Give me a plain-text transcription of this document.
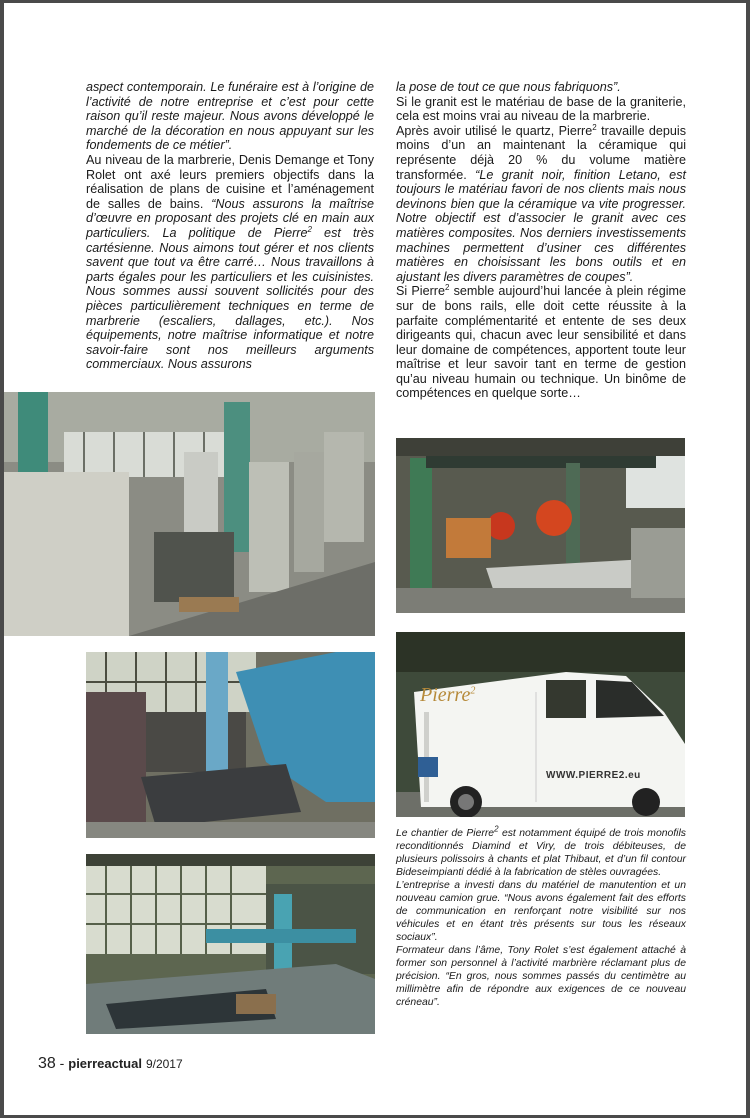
aspect contemporain. Le funéraire est à l’origine de l’activité de notre entreprise et c’est pour cette raison qu’il reste majeur. Nous avons développé le marché de la décoration en nous appuyant sur les fondements de ce métier”.

Au niveau de la marbrerie, Denis Demange et Tony Rolet ont axé leurs premiers objectifs dans la réalisation de plans de cuisine et l’aménagement de salles de bains. “Nous assurons la maîtrise d’œuvre en proposant des projets clé en main aux particuliers. La politique de Pierre$^2$ est très cartésienne. Nous aimons tout gérer et nos clients savent que tout va être carré… Nous travaillons à parts égales pour les particuliers et les cuisinistes. Nous sommes aussi souvent sollicités pour des pièces particulièrement techniques en terme de marbrerie (escaliers, dallages, etc.). Nos équipements, notre maîtrise informatique et notre savoir-faire sont nos meilleurs arguments commerciaux. Nous assurons

la pose de tout ce que nous fabriquons”.

Si le granit est le matériau de base de la graniterie, cela est moins vrai au niveau de la marbrerie.

Après avoir utilisé le quartz, Pierre$^2$ travaille depuis moins d’un an maintenant la céramique qui représente déjà 20 % du volume matière transformée. “Le granit noir, finition Letano, est toujours le matériau favori de nos clients mais nous devinons bien que la céramique va vite progresser. Notre objectif est d’associer le granit avec ces matières composites. Nos derniers investissements machines permettent d’usiner ces différentes matières en choisissant les bons outils et en ajustant les divers paramètres de coupes”.

Si Pierre$^2$ semble aujourd’hui lancée à plein régime sur de bons rails, elle doit cette réussite à la parfaite complémentarité et entente de ses deux dirigeants qui, chacun avec leur sensibilité et dans leur domaine de compétences, apportent toute leur maîtrise et leur savoir tant en terme de gestion qu’au niveau humain ou technique. Un binôme de compétences en quelque sorte…

Pierre$^2$
WWW.PIERRE2.eu

Le chantier de Pierre$^2$ est notamment équipé de trois monofils reconditionnés Diamind et Viry, de trois débiteuses, de plusieurs polissoirs à chants et plat Thibaut, et d’un fil contour Bideseimpianti dédié à la fabrication de stèles ouvragées.

L’entreprise a investi dans du matériel de manutention et un nouveau camion grue. “Nous avons également fait des efforts de communication en renforçant notre visibilité sur nos véhicules et en étant très présents sur tous les réseaux sociaux”.

Formateur dans l’âme, Tony Rolet s’est également attaché à former son personnel à l’activité marbrière réclamant plus de précision. “En gros, nous sommes passés du centimètre au millimètre afin de répondre aux exigences de ce nouveau créneau”.

38 - pierreactual 9/2017
